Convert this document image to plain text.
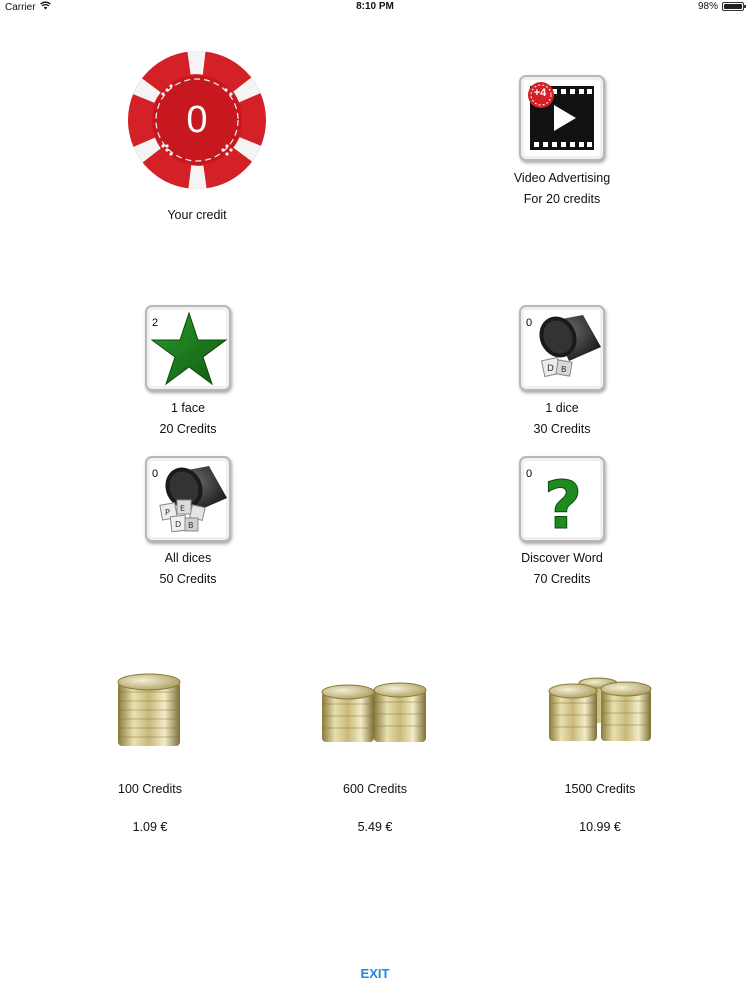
Carrier	8:10 PM	98%
0
Your credit
+4
Video Advertising
For 20 credits
2
1 face
20 Credits
D B
0
1 dice
30 Credits
P E
D B
0
All dices
50 Credits
?
0
Discover Word
70 Credits
100 Credits
1.09 €
600 Credits
5.49 €
1500 Credits
10.99 €
EXIT
